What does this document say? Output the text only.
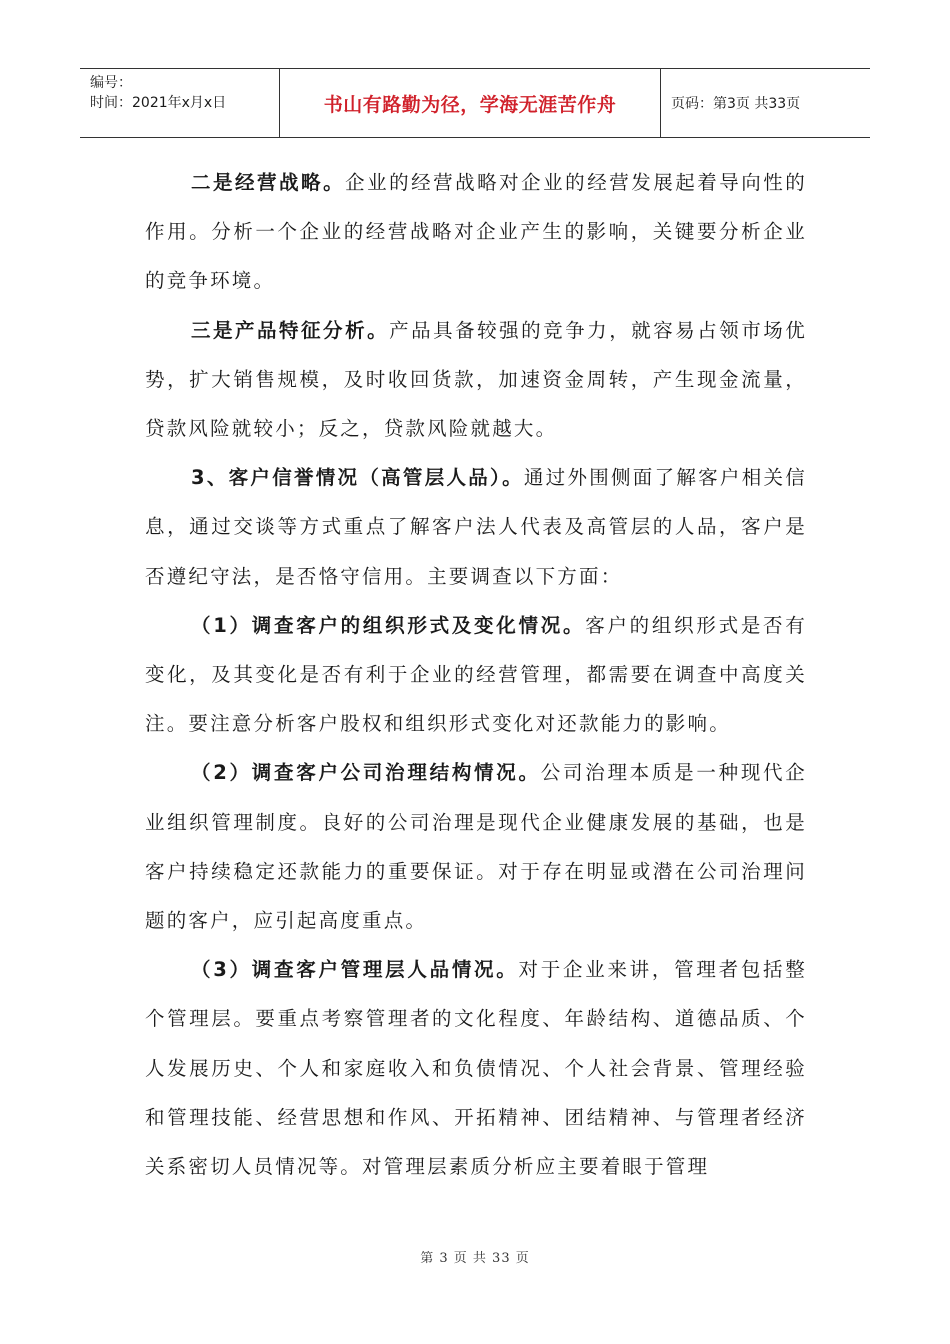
编号：
时间：2021年x月x日	书山有路勤为径，学海无涯苦作舟	页码：第3页 共33页

二是经营战略。企业的经营战略对企业的经营发展起着导向性的作用。分析一个企业的经营战略对企业产生的影响，关键要分析企业的竞争环境。

三是产品特征分析。产品具备较强的竞争力，就容易占领市场优势，扩大销售规模，及时收回货款，加速资金周转，产生现金流量，贷款风险就较小；反之，贷款风险就越大。

3、客户信誉情况（高管层人品）。通过外围侧面了解客户相关信息，通过交谈等方式重点了解客户法人代表及高管层的人品，客户是否遵纪守法，是否恪守信用。主要调查以下方面：

（1）调查客户的组织形式及变化情况。客户的组织形式是否有变化，及其变化是否有利于企业的经营管理，都需要在调查中高度关注。要注意分析客户股权和组织形式变化对还款能力的影响。

（2）调查客户公司治理结构情况。公司治理本质是一种现代企业组织管理制度。良好的公司治理是现代企业健康发展的基础，也是客户持续稳定还款能力的重要保证。对于存在明显或潜在公司治理问题的客户，应引起高度重点。

（3）调查客户管理层人品情况。对于企业来讲，管理者包括整个管理层。要重点考察管理者的文化程度、年龄结构、道德品质、个人发展历史、个人和家庭收入和负债情况、个人社会背景、管理经验和管理技能、经营思想和作风、开拓精神、团结精神、与管理者经济关系密切人员情况等。对管理层素质分析应主要着眼于管理

第 3 页 共 33 页
